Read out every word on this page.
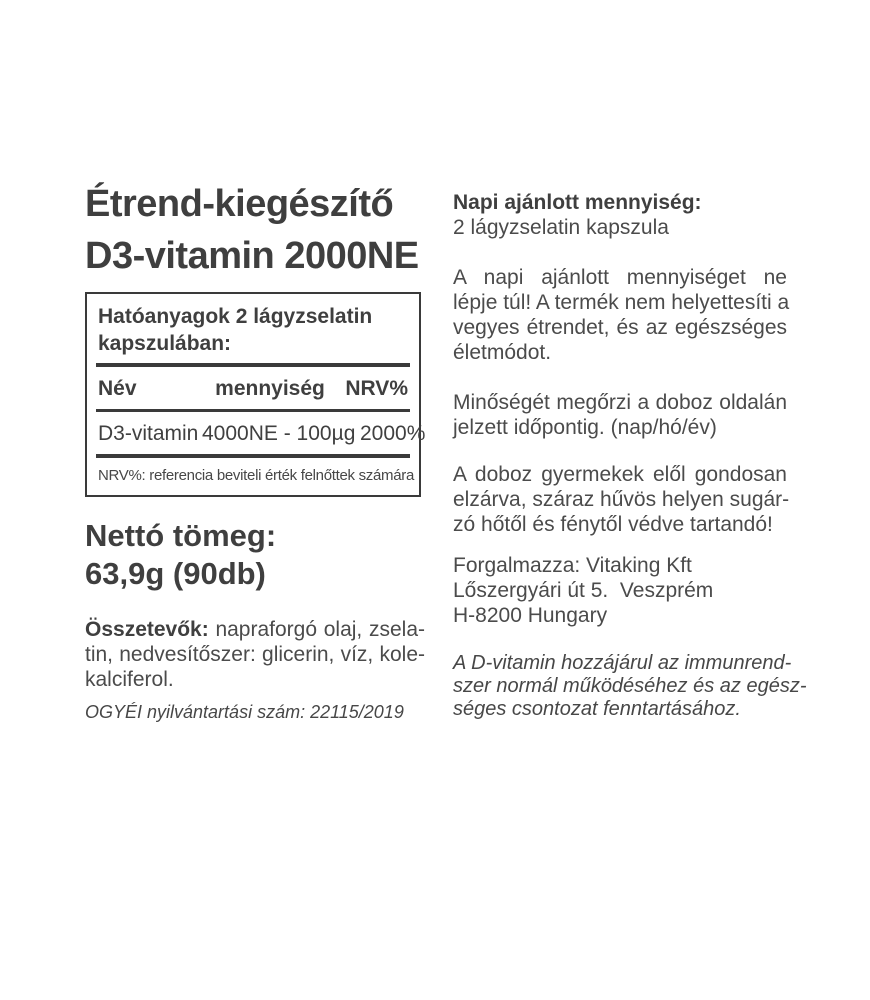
Étrend-kiegészítő
D3-vitamin 2000NE
Hatóanyagok 2 lágyzselatin kapszulában:
Név	mennyiség NRV%
D3-vitamin 4000NE - 100µg 2000%
NRV%: referencia beviteli érték felnőttek számára
Nettó tömeg:
63,9g (90db)
Összetevők: napraforgó olaj, zsela-
tin, nedvesítőszer: glicerin, víz, kole-
kalciferol.
OGYÉI nyilvántartási szám: 22115/2019
Napi ajánlott mennyiség:
2 lágyzselatin kapszula
A napi ajánlott mennyiséget ne
lépje túl! A termék nem helyettesíti a
vegyes étrendet, és az egészséges
életmódot.
Minőségét megőrzi a doboz oldalán
jelzett időpontig. (nap/hó/év)
A doboz gyermekek elől gondosan
elzárva, száraz hűvös helyen sugár-
zó hőtől és fénytől védve tartandó!
Forgalmazza: Vitaking Kft
Lőszergyári út 5.  Veszprém
H-8200 Hungary
A D-vitamin hozzájárul az immunrend-
szer normál működéséhez és az egész-
séges csontozat fenntartásához.
